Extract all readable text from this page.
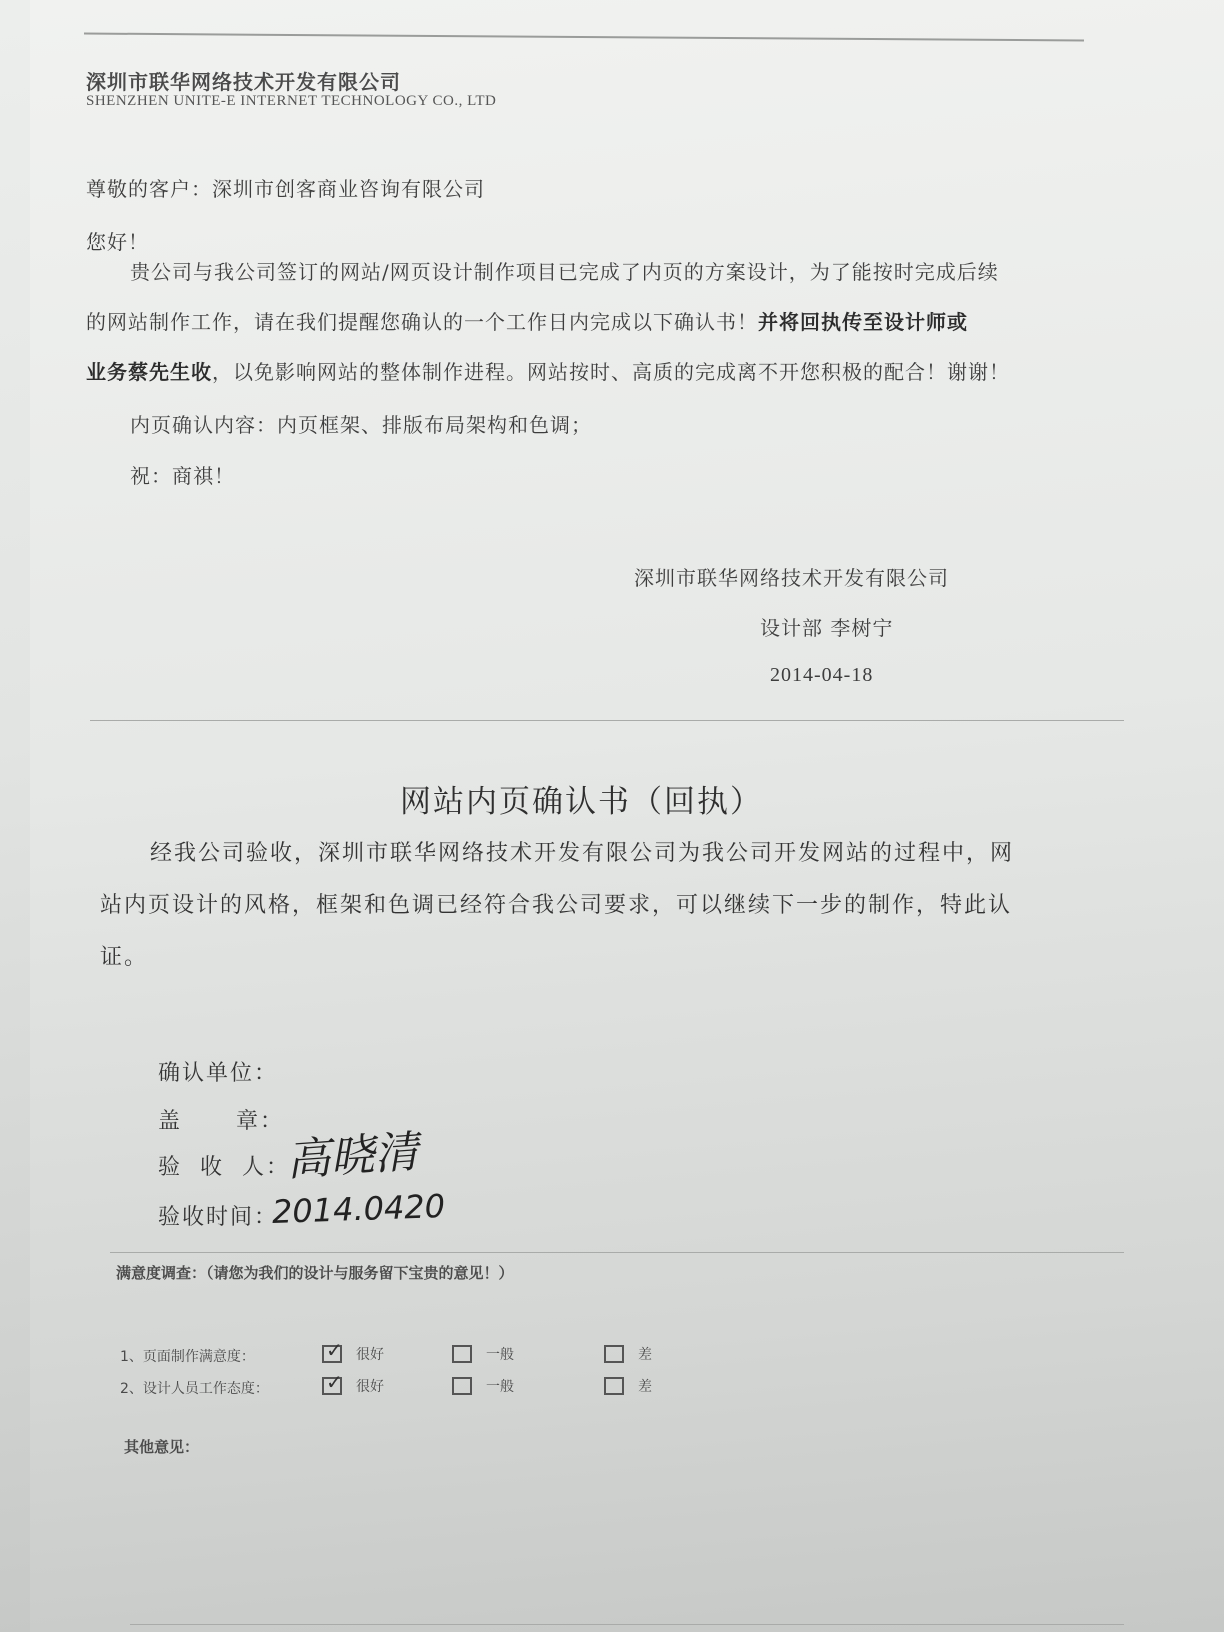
深圳市联华网络技术开发有限公司
SHENZHEN UNITE-E INTERNET TECHNOLOGY CO., LTD
尊敬的客户：深圳市创客商业咨询有限公司
您好！
贵公司与我公司签订的网站/网页设计制作项目已完成了内页的方案设计，为了能按时完成后续
的网站制作工作，请在我们提醒您确认的一个工作日内完成以下确认书！并将回执传至设计师或
业务蔡先生收，以免影响网站的整体制作进程。网站按时、高质的完成离不开您积极的配合！谢谢！
内页确认内容：内页框架、排版布局架构和色调；
祝：商祺！
深圳市联华网络技术开发有限公司
设计部 李树宁
2014-04-18
网站内页确认书（回执）
经我公司验收，深圳市联华网络技术开发有限公司为我公司开发网站的过程中，网
站内页设计的风格，框架和色调已经符合我公司要求，可以继续下一步的制作，特此认
证。
确认单位：
盖      章：
验  收  人：
高晓清
验收时间：
2014.0420
满意度调查：（请您为我们的设计与服务留下宝贵的意见！）
1、页面制作满意度： ✓	很好	一般	差
2、设计人员工作态度： ✓	很好	一般	差
其他意见：
